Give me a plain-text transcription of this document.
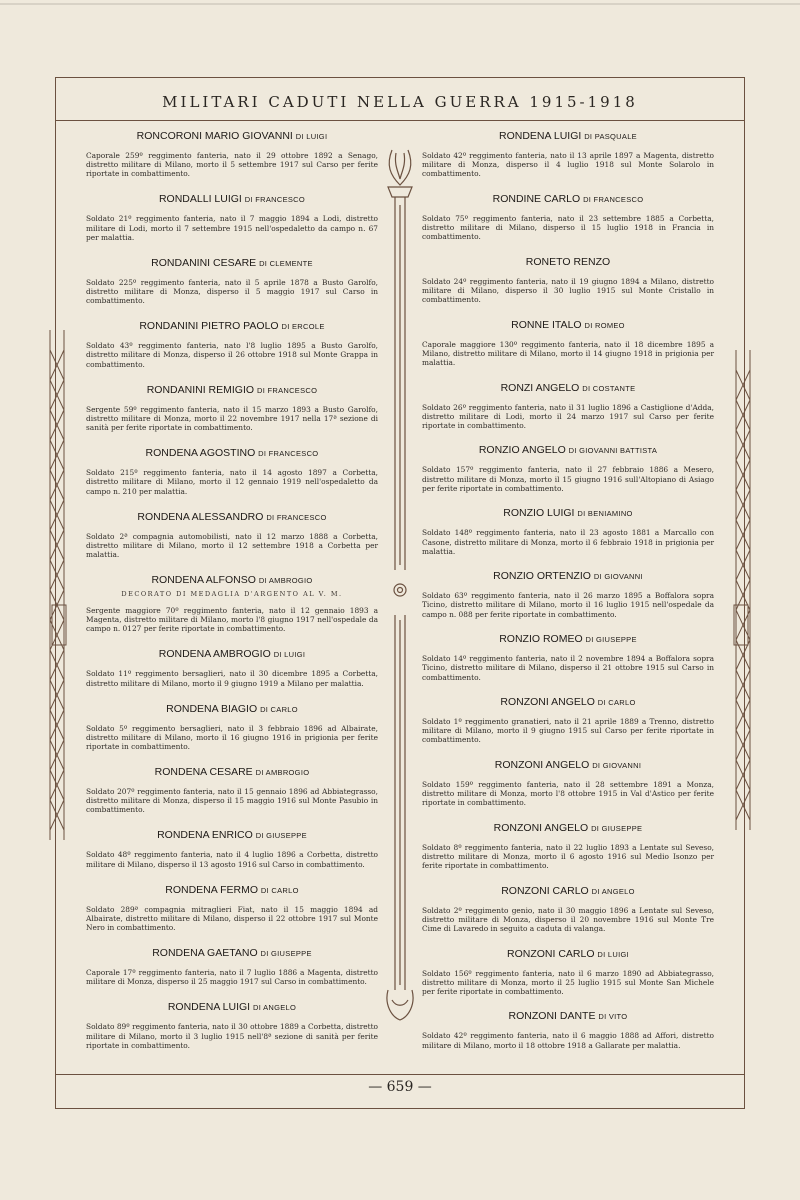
MILITARI CADUTI NELLA GUERRA 1915-1918
RONCORONI MARIO GIOVANNI DI LUIGI
Caporale 259º reggimento fanteria, nato il 29 ottobre 1892 a Senago, distretto militare di Milano, morto il 5 settembre 1917 sul Carso per ferite riportate in combattimento.
RONDALLI LUIGI DI FRANCESCO
Soldato 21º reggimento fanteria, nato il 7 maggio 1894 a Lodi, distretto militare di Lodi, morto il 7 settembre 1915 nell'ospedaletto da campo n. 67 per malattia.
RONDANINI CESARE DI CLEMENTE
Soldato 225º reggimento fanteria, nato il 5 aprile 1878 a Busto Garolfo, distretto militare di Monza, disperso il 5 maggio 1917 sul Carso in combattimento.
RONDANINI PIETRO PAOLO DI ERCOLE
Soldato 43º reggimento fanteria, nato l'8 luglio 1895 a Busto Garolfo, distretto militare di Monza, disperso il 26 ottobre 1918 sul Monte Grappa in combattimento.
RONDANINI REMIGIO DI FRANCESCO
Sergente 59º reggimento fanteria, nato il 15 marzo 1893 a Busto Garolfo, distretto militare di Monza, morto il 22 novembre 1917 nella 17ª sezione di sanità per ferite riportate in combattimento.
RONDENA AGOSTINO DI FRANCESCO
Soldato 215º reggimento fanteria, nato il 14 agosto 1897 a Corbetta, distretto militare di Milano, morto il 12 gennaio 1919 nell'ospedaletto da campo n. 210 per malattia.
RONDENA ALESSANDRO DI FRANCESCO
Soldato 2ª compagnia automobilisti, nato il 12 marzo 1888 a Corbetta, distretto militare di Milano, morto il 12 settembre 1918 a Corbetta per malattia.
RONDENA ALFONSO DI AMBROGIO
DECORATO DI MEDAGLIA D'ARGENTO AL V. M.
Sergente maggiore 70º reggimento fanteria, nato il 12 gennaio 1893 a Magenta, distretto militare di Milano, morto l'8 giugno 1917 nell'ospedale da campo n. 0127 per ferite riportate in combattimento.
RONDENA AMBROGIO DI LUIGI
Soldato 11º reggimento bersaglieri, nato il 30 dicembre 1895 a Corbetta, distretto militare di Milano, morto il 9 giugno 1919 a Milano per malattia.
RONDENA BIAGIO DI CARLO
Soldato 5º reggimento bersaglieri, nato il 3 febbraio 1896 ad Albairate, distretto militare di Milano, morto il 16 giugno 1916 in prigionia per ferite riportate in combattimento.
RONDENA CESARE DI AMBROGIO
Soldato 207º reggimento fanteria, nato il 15 gennaio 1896 ad Abbiategrasso, distretto militare di Monza, disperso il 15 maggio 1916 sul Monte Pasubio in combattimento.
RONDENA ENRICO DI GIUSEPPE
Soldato 48º reggimento fanteria, nato il 4 luglio 1896 a Corbetta, distretto militare di Milano, disperso il 13 agosto 1916 sul Carso in combattimento.
RONDENA FERMO DI CARLO
Soldato 289ª compagnia mitraglieri Fiat, nato il 15 maggio 1894 ad Albairate, distretto militare di Milano, disperso il 22 ottobre 1917 sul Monte Nero in combattimento.
RONDENA GAETANO DI GIUSEPPE
Caporale 17º reggimento fanteria, nato il 7 luglio 1886 a Magenta, distretto militare di Monza, disperso il 25 maggio 1917 sul Carso in combattimento.
RONDENA LUIGI DI ANGELO
Soldato 89º reggimento fanteria, nato il 30 ottobre 1889 a Corbetta, distretto militare di Milano, morto il 3 luglio 1915 nell'8ª sezione di sanità per ferite riportate in combattimento.
RONDENA LUIGI DI PASQUALE
Soldato 42º reggimento fanteria, nato il 13 aprile 1897 a Magenta, distretto militare di Monza, disperso il 4 luglio 1918 sul Monte Solarolo in combattimento.
RONDINE CARLO DI FRANCESCO
Soldato 75º reggimento fanteria, nato il 23 settembre 1885 a Corbetta, distretto militare di Milano, disperso il 15 luglio 1918 in Francia in combattimento.
RONETO RENZO
Soldato 24º reggimento fanteria, nato il 19 giugno 1894 a Milano, distretto militare di Milano, disperso il 30 luglio 1915 sul Monte Cristallo in combattimento.
RONNE ITALO DI ROMEO
Caporale maggiore 130º reggimento fanteria, nato il 18 dicembre 1895 a Milano, distretto militare di Milano, morto il 14 giugno 1918 in prigionia per malattia.
RONZI ANGELO DI COSTANTE
Soldato 26º reggimento fanteria, nato il 31 luglio 1896 a Castiglione d'Adda, distretto militare di Lodi, morto il 24 marzo 1917 sul Carso per ferite riportate in combattimento.
RONZIO ANGELO DI GIOVANNI BATTISTA
Soldato 157º reggimento fanteria, nato il 27 febbraio 1886 a Mesero, distretto militare di Monza, morto il 15 giugno 1916 sull'Altopiano di Asiago per ferite riportate in combattimento.
RONZIO LUIGI DI BENIAMINO
Soldato 148º reggimento fanteria, nato il 23 agosto 1881 a Marcallo con Casone, distretto militare di Monza, morto il 6 febbraio 1918 in prigionia per malattia.
RONZIO ORTENZIO DI GIOVANNI
Soldato 63º reggimento fanteria, nato il 26 marzo 1895 a Boffalora sopra Ticino, distretto militare di Milano, morto il 16 luglio 1915 nell'ospedale da campo n. 088 per ferite riportate in combattimento.
RONZIO ROMEO DI GIUSEPPE
Soldato 14º reggimento fanteria, nato il 2 novembre 1894 a Boffalora sopra Ticino, distretto militare di Milano, disperso il 21 ottobre 1915 sul Carso in combattimento.
RONZONI ANGELO DI CARLO
Soldato 1º reggimento granatieri, nato il 21 aprile 1889 a Trenno, distretto militare di Milano, morto il 9 giugno 1915 sul Carso per ferite riportate in combattimento.
RONZONI ANGELO DI GIOVANNI
Soldato 159º reggimento fanteria, nato il 28 settembre 1891 a Monza, distretto militare di Monza, morto l'8 ottobre 1915 in Val d'Astico per ferite riportate in combattimento.
RONZONI ANGELO DI GIUSEPPE
Soldato 8º reggimento fanteria, nato il 22 luglio 1893 a Lentate sul Seveso, distretto militare di Monza, morto il 6 agosto 1916 sul Medio Isonzo per ferite riportate in combattimento.
RONZONI CARLO DI ANGELO
Soldato 2º reggimento genio, nato il 30 maggio 1896 a Lentate sul Seveso, distretto militare di Monza, disperso il 20 novembre 1916 sul Monte Tre Cime di Lavaredo in seguito a caduta di valanga.
RONZONI CARLO DI LUIGI
Soldato 156º reggimento fanteria, nato il 6 marzo 1890 ad Abbiategrasso, distretto militare di Monza, morto il 25 luglio 1915 sul Monte San Michele per ferite riportate in combattimento.
RONZONI DANTE DI VITO
Soldato 42º reggimento fanteria, nato il 6 maggio 1888 ad Affori, distretto militare di Milano, morto il 18 ottobre 1918 a Gallarate per malattia.
— 659 —
